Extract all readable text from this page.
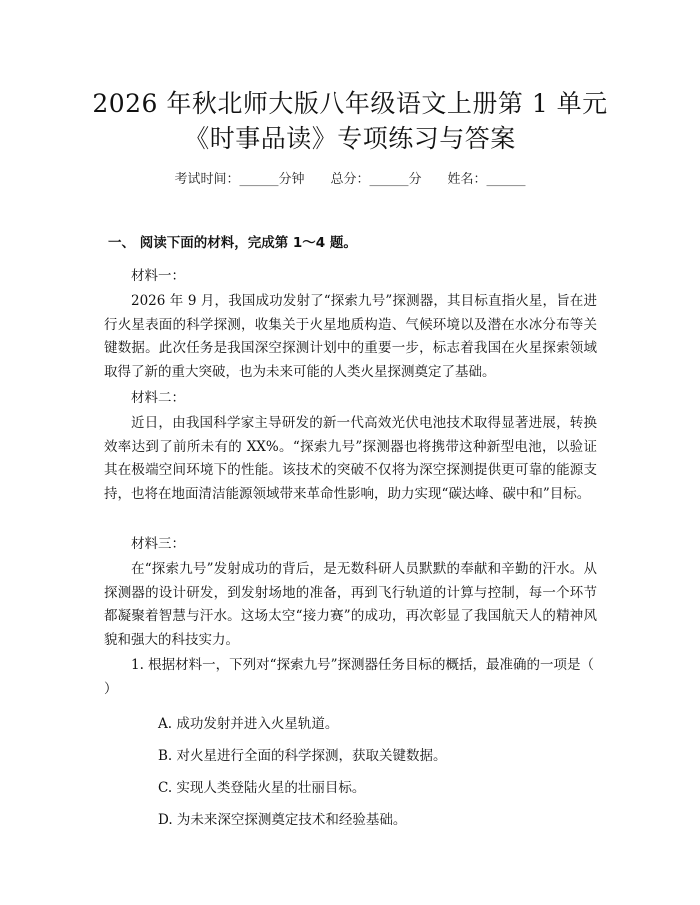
2026 年秋北师大版八年级语文上册第 1 单元
《时事品读》专项练习与答案
考试时间：______分钟 总分：______分 姓名：______
一、 阅读下面的材料，完成第 1～4 题。
材料一：
2026 年 9 月，我国成功发射了“探索九号”探测器，其目标直指火星，旨在进行火星表面的科学探测，收集关于火星地质构造、气候环境以及潜在水冰分布等关键数据。此次任务是我国深空探测计划中的重要一步，标志着我国在火星探索领域取得了新的重大突破，也为未来可能的人类火星探测奠定了基础。
材料二：
近日，由我国科学家主导研发的新一代高效光伏电池技术取得显著进展，转换效率达到了前所未有的 XX%。“探索九号”探测器也将携带这种新型电池，以验证其在极端空间环境下的性能。该技术的突破不仅将为深空探测提供更可靠的能源支持，也将在地面清洁能源领域带来革命性影响，助力实现“碳达峰、碳中和”目标。
材料三：
在“探索九号”发射成功的背后，是无数科研人员默默的奉献和辛勤的汗水。从探测器的设计研发，到发射场地的准备，再到飞行轨道的计算与控制，每一个环节都凝聚着智慧与汗水。这场太空“接力赛”的成功，再次彰显了我国航天人的精神风貌和强大的科技实力。
1. 根据材料一，下列对“探索九号”探测器任务目标的概括，最准确的一项是（ ）
A. 成功发射并进入火星轨道。
B. 对火星进行全面的科学探测，获取关键数据。
C. 实现人类登陆火星的壮丽目标。
D. 为未来深空探测奠定技术和经验基础。
